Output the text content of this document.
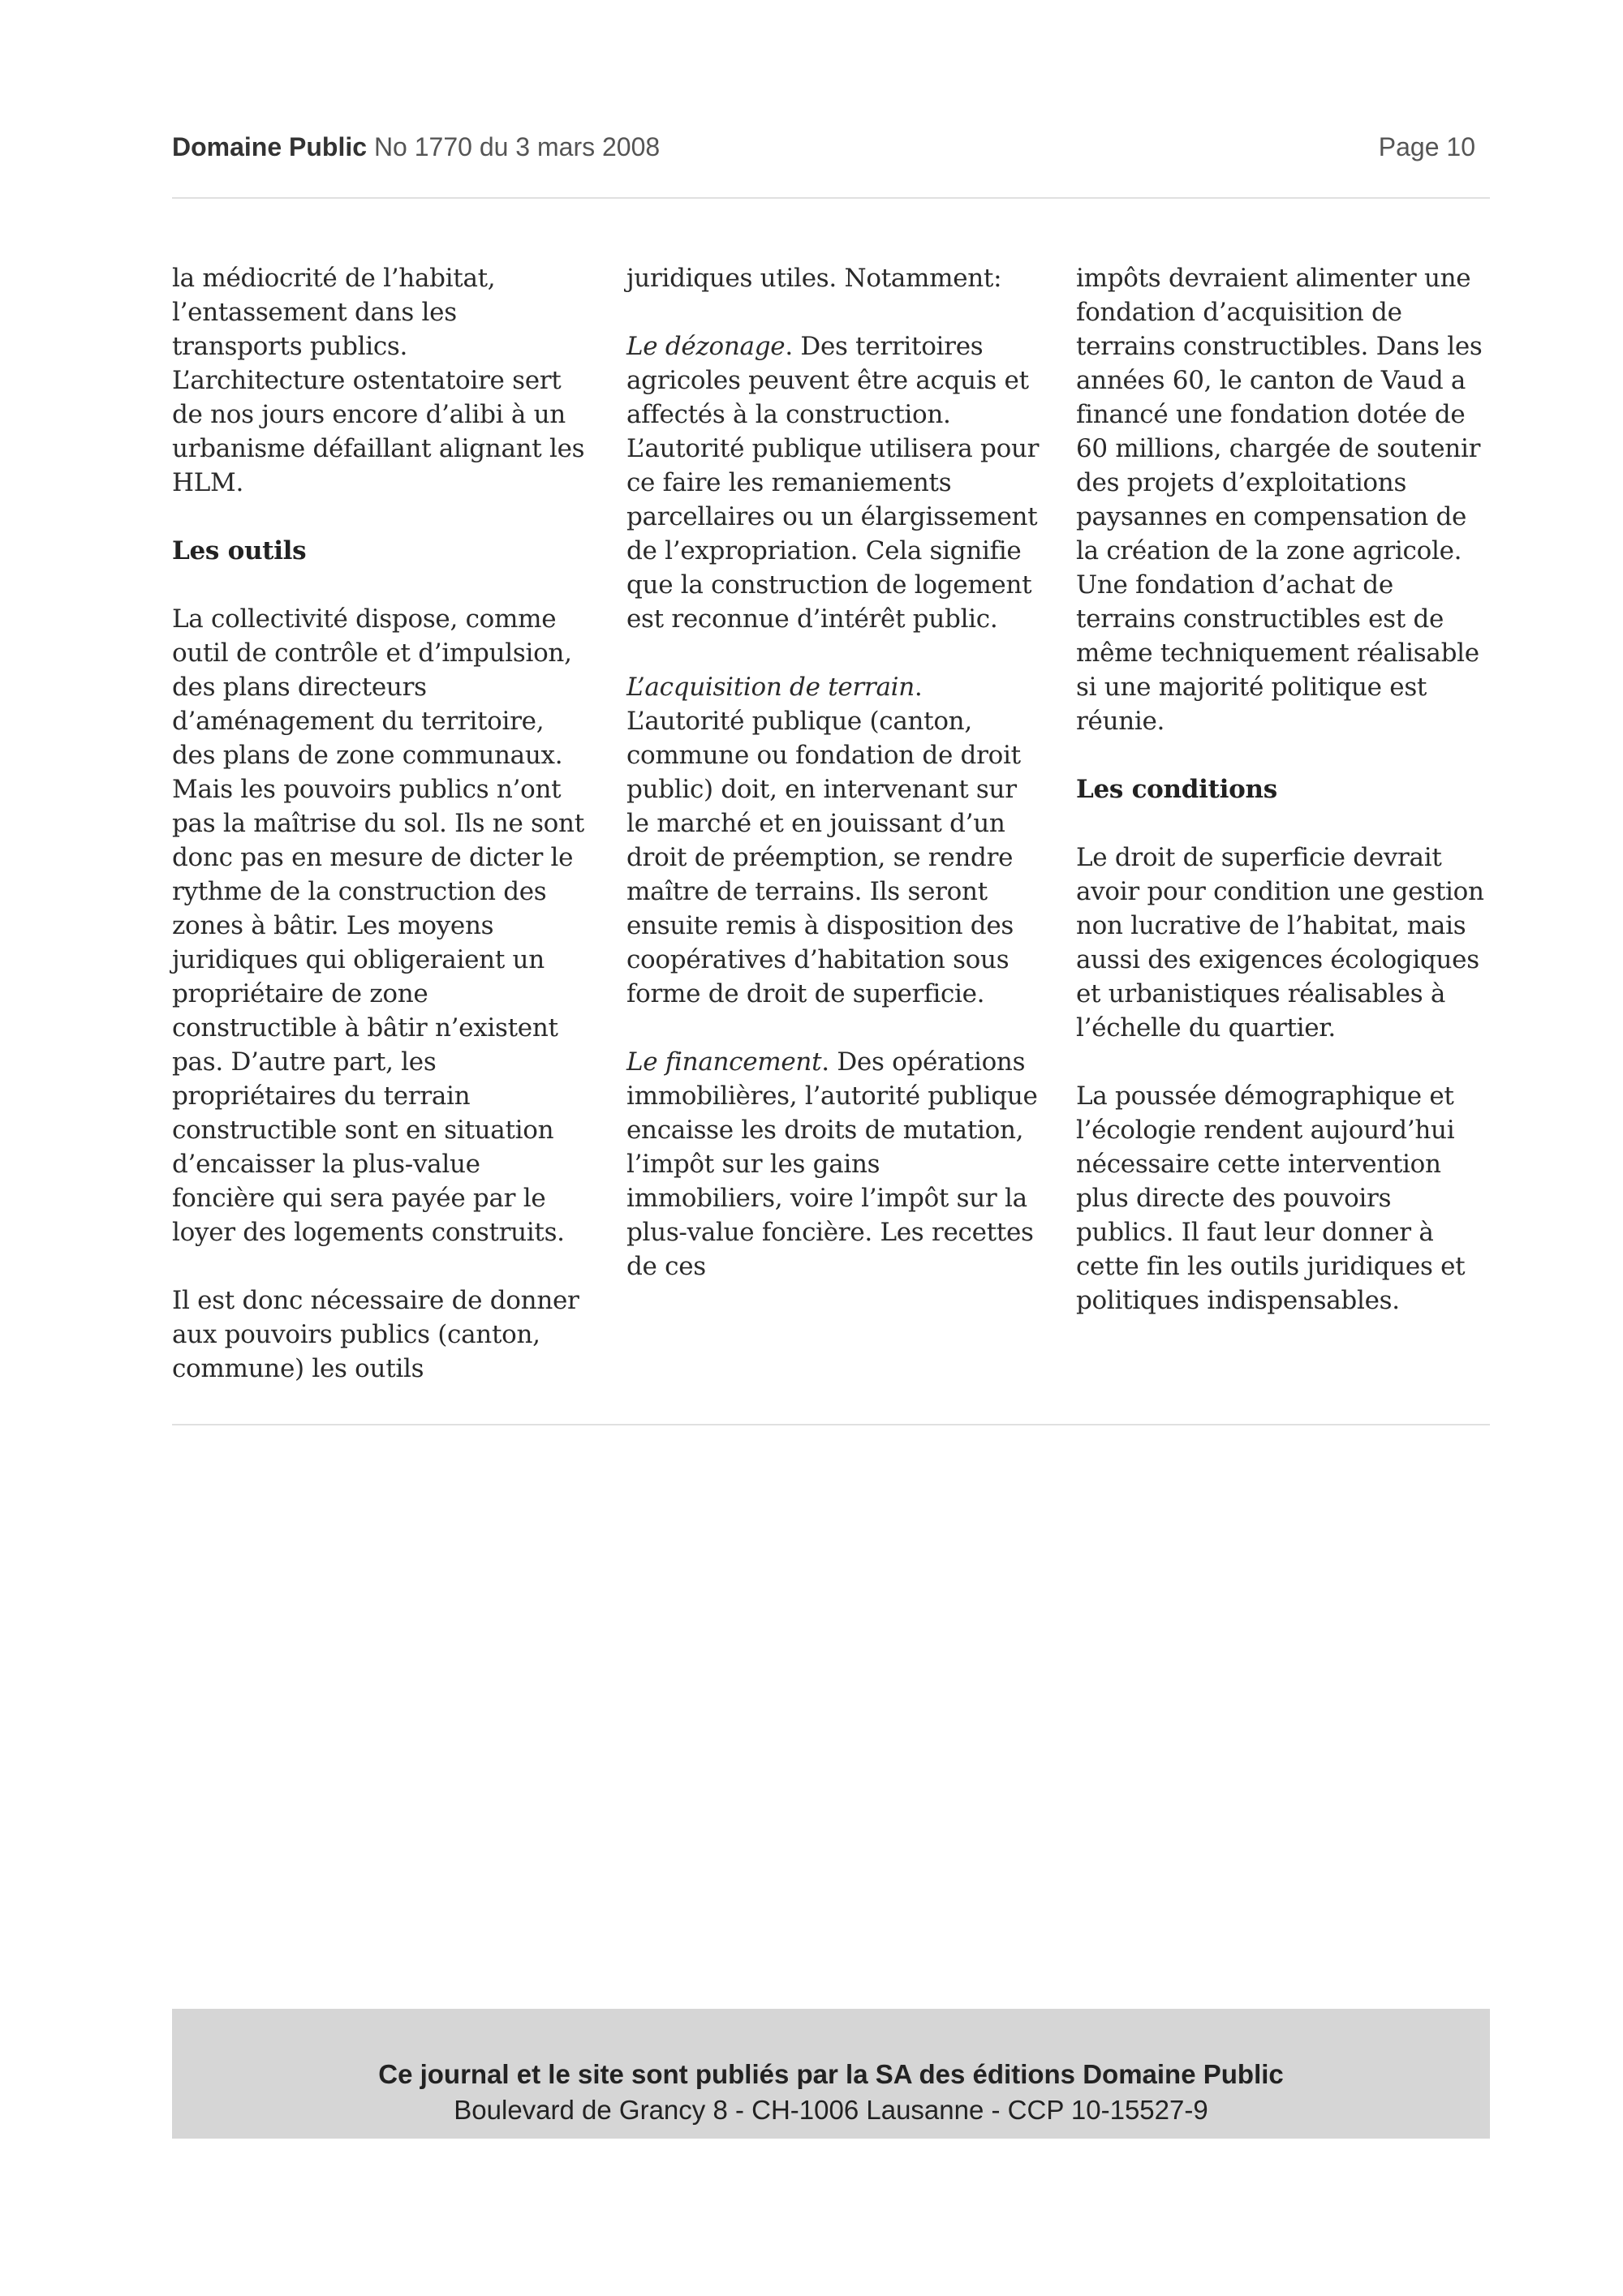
Domaine Public No 1770 du 3 mars 2008	Page 10

la médiocrité de l’habitat, l’entassement dans les transports publics. L’architecture ostentatoire sert de nos jours encore d’alibi à un urbanisme défaillant alignant les HLM.

Les outils

La collectivité dispose, comme outil de contrôle et d’impulsion, des plans directeurs d’aménagement du territoire, des plans de zone communaux. Mais les pouvoirs publics n’ont pas la maîtrise du sol. Ils ne sont donc pas en mesure de dicter le rythme de la construction des zones à bâtir. Les moyens juridiques qui obligeraient un propriétaire de zone constructible à bâtir n’existent pas. D’autre part, les propriétaires du terrain constructible sont en situation d’encaisser la plus-value foncière qui sera payée par le loyer des logements construits.

Il est donc nécessaire de donner aux pouvoirs publics (canton, commune) les outils

juridiques utiles. Notamment:

Le dézonage. Des territoires agricoles peuvent être acquis et affectés à la construction. L’autorité publique utilisera pour ce faire les remaniements parcellaires ou un élargissement de l’expropriation. Cela signifie que la construction de logement est reconnue d’intérêt public.

L’acquisition de terrain. L’autorité publique (canton, commune ou fondation de droit public) doit, en intervenant sur le marché et en jouissant d’un droit de préemption, se rendre maître de terrains. Ils seront ensuite remis à disposition des coopératives d’habitation sous forme de droit de superficie.

Le financement. Des opérations immobilières, l’autorité publique encaisse les droits de mutation, l’impôt sur les gains immobiliers, voire l’impôt sur la plus-value foncière. Les recettes de ces

impôts devraient alimenter une fondation d’acquisition de terrains constructibles. Dans les années 60, le canton de Vaud a financé une fondation dotée de 60 millions, chargée de soutenir des projets d’exploitations paysannes en compensation de la création de la zone agricole. Une fondation d’achat de terrains constructibles est de même techniquement réalisable si une majorité politique est réunie.

Les conditions

Le droit de superficie devrait avoir pour condition une gestion non lucrative de l’habitat, mais aussi des exigences écologiques et urbanistiques réalisables à l’échelle du quartier.

La poussée démographique et l’écologie rendent aujourd’hui nécessaire cette intervention plus directe des pouvoirs publics. Il faut leur donner à cette fin les outils juridiques et politiques indispensables.

Ce journal et le site sont publiés par la SA des éditions Domaine Public
Boulevard de Grancy 8 - CH-1006 Lausanne - CCP 10-15527-9
